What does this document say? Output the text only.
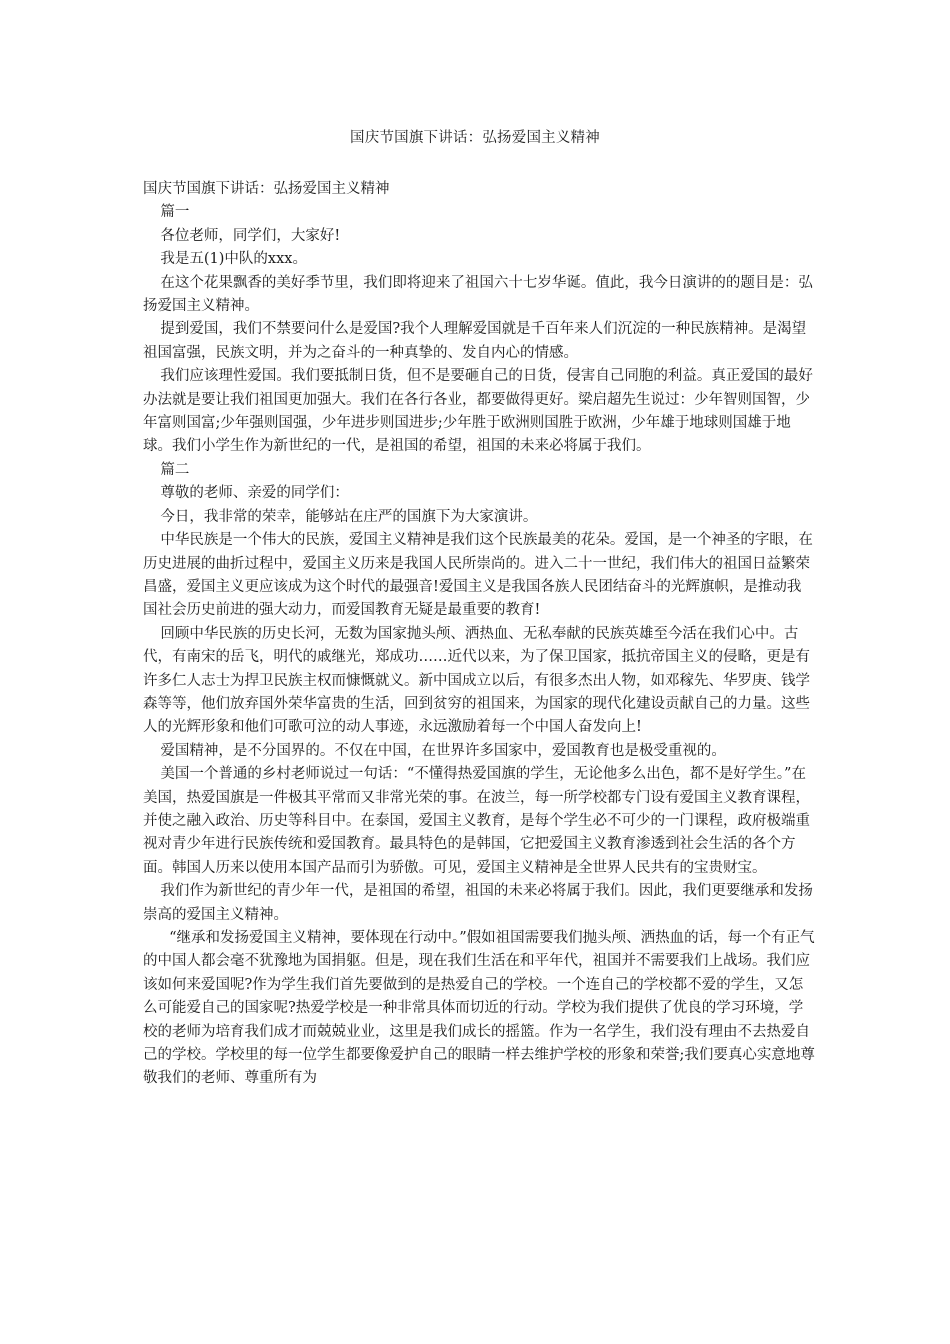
国庆节国旗下讲话：弘扬爱国主义精神

国庆节国旗下讲话：弘扬爱国主义精神

篇一

各位老师，同学们，大家好!

我是五(1)中队的xxx。

在这个花果飘香的美好季节里，我们即将迎来了祖国六十七岁华诞。值此，我今日演讲的的题目是：弘扬爱国主义精神。

提到爱国，我们不禁要问什么是爱国?我个人理解爱国就是千百年来人们沉淀的一种民族精神。是渴望祖国富强，民族文明，并为之奋斗的一种真挚的、发自内心的情感。

我们应该理性爱国。我们要抵制日货，但不是要砸自己的日货，侵害自己同胞的利益。真正爱国的最好办法就是要让我们祖国更加强大。我们在各行各业，都要做得更好。梁启超先生说过：少年智则国智，少年富则国富;少年强则国强，少年进步则国进步;少年胜于欧洲则国胜于欧洲，少年雄于地球则国雄于地球。我们小学生作为新世纪的一代，是祖国的希望，祖国的未来必将属于我们。

篇二

尊敬的老师、亲爱的同学们：

今日，我非常的荣幸，能够站在庄严的国旗下为大家演讲。

中华民族是一个伟大的民族，爱国主义精神是我们这个民族最美的花朵。爱国，是一个神圣的字眼，在历史进展的曲折过程中，爱国主义历来是我国人民所崇尚的。进入二十一世纪，我们伟大的祖国日益繁荣昌盛，爱国主义更应该成为这个时代的最强音!爱国主义是我国各族人民团结奋斗的光辉旗帜，是推动我国社会历史前进的强大动力，而爱国教育无疑是最重要的教育!

回顾中华民族的历史长河，无数为国家抛头颅、洒热血、无私奉献的民族英雄至今活在我们心中。古代，有南宋的岳飞，明代的戚继光，郑成功……近代以来，为了保卫国家，抵抗帝国主义的侵略，更是有许多仁人志士为捍卫民族主权而慷慨就义。新中国成立以后，有很多杰出人物，如邓稼先、华罗庚、钱学森等等，他们放弃国外荣华富贵的生活，回到贫穷的祖国来，为国家的现代化建设贡献自己的力量。这些人的光辉形象和他们可歌可泣的动人事迹，永远激励着每一个中国人奋发向上!

爱国精神，是不分国界的。不仅在中国，在世界许多国家中，爱国教育也是极受重视的。

美国一个普通的乡村老师说过一句话：“不懂得热爱国旗的学生，无论他多么出色，都不是好学生。”在美国，热爱国旗是一件极其平常而又非常光荣的事。在波兰，每一所学校都专门设有爱国主义教育课程，并使之融入政治、历史等科目中。在泰国，爱国主义教育，是每个学生必不可少的一门课程，政府极端重视对青少年进行民族传统和爱国教育。最具特色的是韩国，它把爱国主义教育渗透到社会生活的各个方面。韩国人历来以使用本国产品而引为骄傲。可见，爱国主义精神是全世界人民共有的宝贵财宝。

我们作为新世纪的青少年一代，是祖国的希望，祖国的未来必将属于我们。因此，我们更要继承和发扬崇高的爱国主义精神。

“继承和发扬爱国主义精神，要体现在行动中。”假如祖国需要我们抛头颅、洒热血的话，每一个有正气的中国人都会毫不犹豫地为国捐躯。但是，现在我们生活在和平年代，祖国并不需要我们上战场。我们应该如何来爱国呢?作为学生我们首先要做到的是热爱自己的学校。一个连自己的学校都不爱的学生，又怎么可能爱自己的国家呢?热爱学校是一种非常具体而切近的行动。学校为我们提供了优良的学习环境，学校的老师为培育我们成才而兢兢业业，这里是我们成长的摇篮。作为一名学生，我们没有理由不去热爱自己的学校。学校里的每一位学生都要像爱护自己的眼睛一样去维护学校的形象和荣誉;我们要真心实意地尊敬我们的老师、尊重所有为
